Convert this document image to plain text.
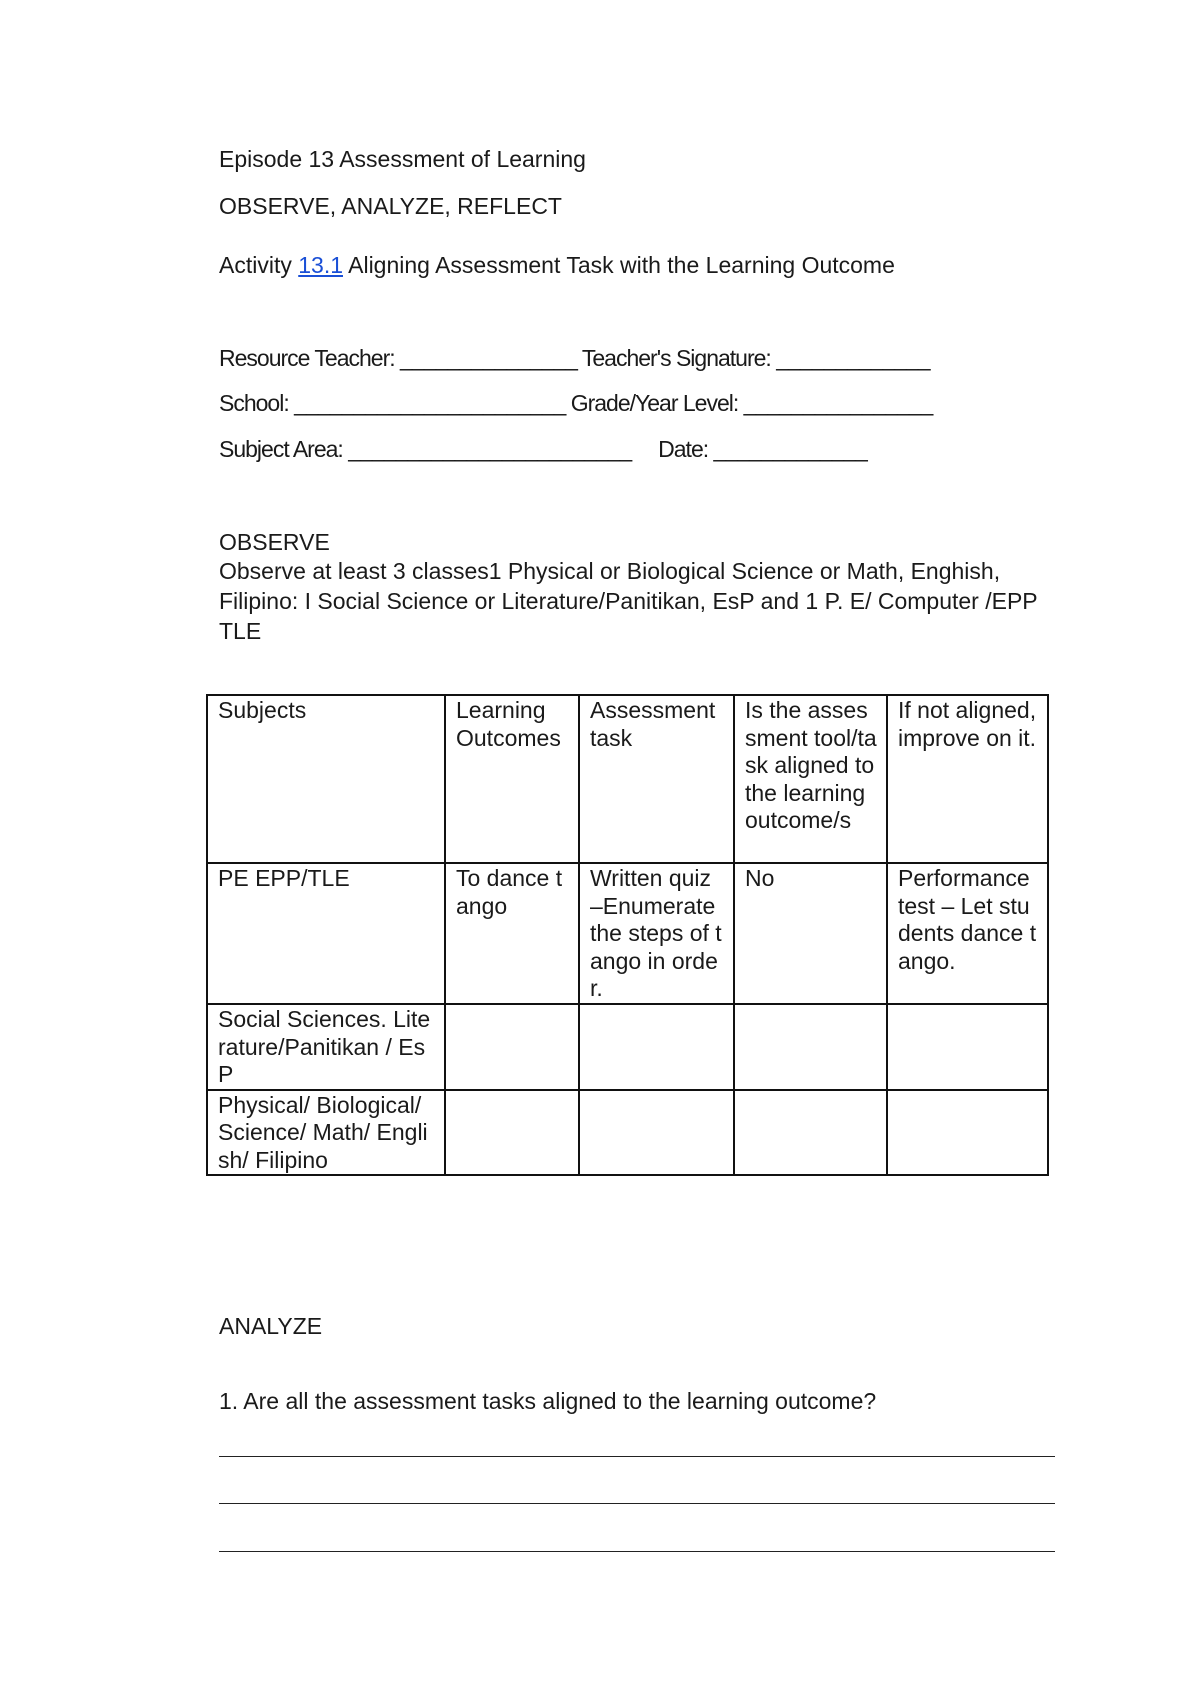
Episode 13 Assessment of Learning
OBSERVE, ANALYZE, REFLECT
Activity 13.1 Aligning Assessment Task with the Learning Outcome
Resource Teacher: _______________ Teacher's Signature: _____________
School: _______________________ Grade/Year Level: ________________
Subject Area: ________________________     Date: _____________
OBSERVE
Observe at least 3 classes1 Physical or Biological Science or Math, Enghish, Filipino: I Social Science or Literature/Panitikan, EsP and 1 P. E/ Computer /EPP TLE
Subjects	Learning Outcomes	Assessment task	Is the assessment tool/task aligned to the learning outcome/s	If not aligned, improve on it.
PE EPP/TLE	To dance tango	Written quiz –Enumerate the steps of tango in order.	No	Performance test – Let students dance tango.
Social Sciences. Literature/Panitikan / EsP				
Physical/ Biological/ Science/ Math/ English/ Filipino				
ANALYZE
1. Are all the assessment tasks aligned to the learning outcome?
